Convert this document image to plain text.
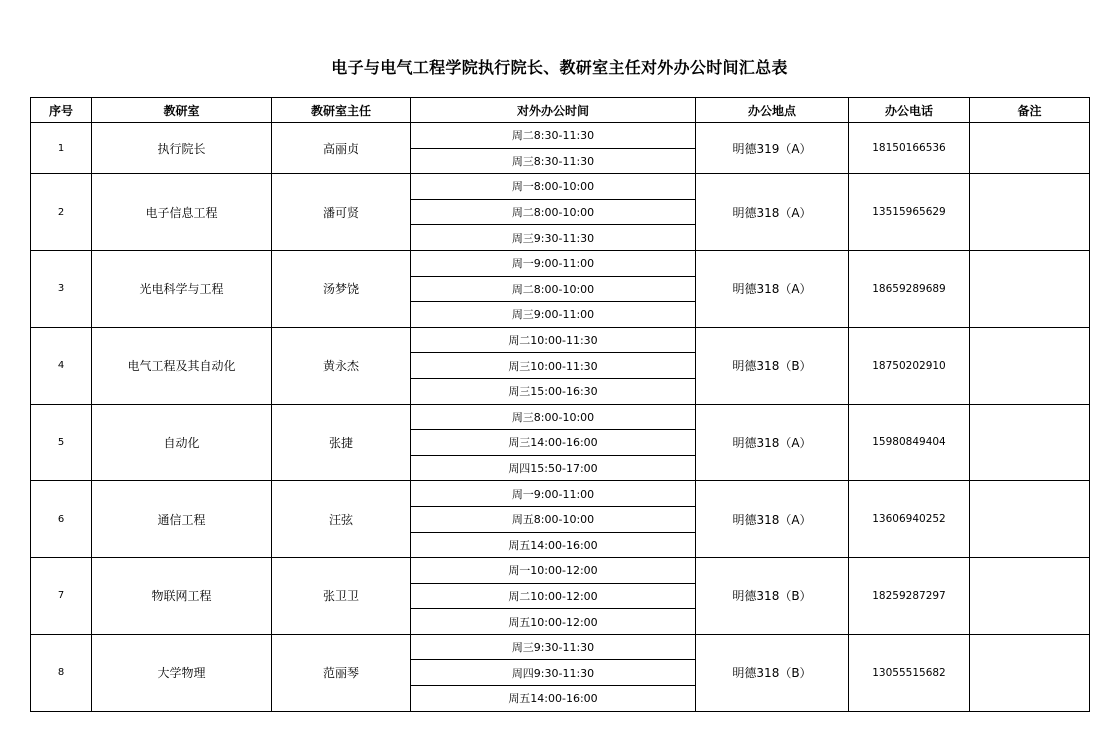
电子与电气工程学院执行院长、教研室主任对外办公时间汇总表
序号	教研室	教研室主任	对外办公时间	办公地点	办公电话	备注
1	执行院长	高丽贞	周二8:30-11:30	明德319（A）	18150166536	
			周三8:30-11:30			
2	电子信息工程	潘可贤	周一8:00-10:00	明德318（A）	13515965629	
			周二8:00-10:00			
			周三9:30-11:30			
3	光电科学与工程	汤梦饶	周一9:00-11:00	明德318（A）	18659289689	
			周二8:00-10:00			
			周三9:00-11:00			
4	电气工程及其自动化	黄永杰	周二10:00-11:30	明德318（B）	18750202910	
			周三10:00-11:30			
			周三15:00-16:30			
5	自动化	张捷	周三8:00-10:00	明德318（A）	15980849404	
			周三14:00-16:00			
			周四15:50-17:00			
6	通信工程	汪弦	周一9:00-11:00	明德318（A）	13606940252	
			周五8:00-10:00			
			周五14:00-16:00			
7	物联网工程	张卫卫	周一10:00-12:00	明德318（B）	18259287297	
			周二10:00-12:00			
			周五10:00-12:00			
8	大学物理	范丽琴	周三9:30-11:30	明德318（B）	13055515682	
			周四9:30-11:30			
			周五14:00-16:00			
